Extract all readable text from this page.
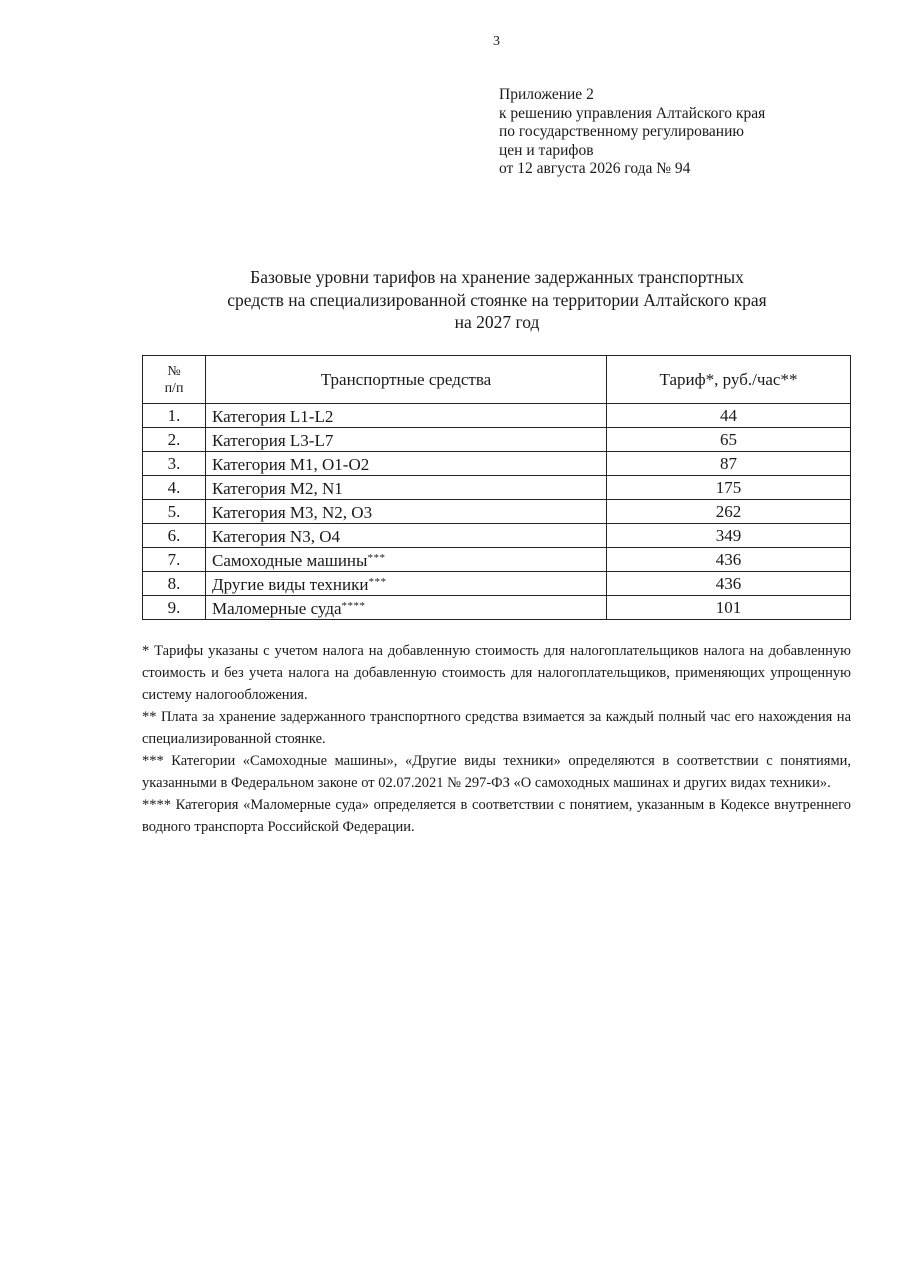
3
Приложение 2
к решению управления Алтайского края
по государственному регулированию
цен и тарифов
от 12 августа 2026 года № 94
Базовые уровни тарифов на хранение задержанных транспортных
средств на специализированной стоянке на территории Алтайского края
на 2027 год
№
п/п	Транспортные средства	Тариф*, руб./час**
1.	Категория L1-L2	44
2.	Категория L3-L7	65
3.	Категория M1, O1-O2	87
4.	Категория M2, N1	175
5.	Категория M3, N2, O3	262
6.	Категория N3, O4	349
7.	Самоходные машины***	436
8.	Другие виды техники***	436
9.	Маломерные суда****	101

* Тарифы указаны с учетом налога на добавленную стоимость для налогоплательщиков налога на добавленную стоимость и без учета налога на добавленную стоимость для налогоплательщиков, применяющих упрощенную систему налогообложения.

** Плата за хранение задержанного транспортного средства взимается за каждый полный час его нахождения на специализированной стоянке.

*** Категории «Самоходные машины», «Другие виды техники» определяются в соответствии с понятиями, указанными в Федеральном законе от 02.07.2021 № 297-ФЗ «О самоходных машинах и других видах техники».

**** Категория «Маломерные суда» определяется в соответствии с понятием, указанным в Кодексе внутреннего водного транспорта Российской Федерации.
